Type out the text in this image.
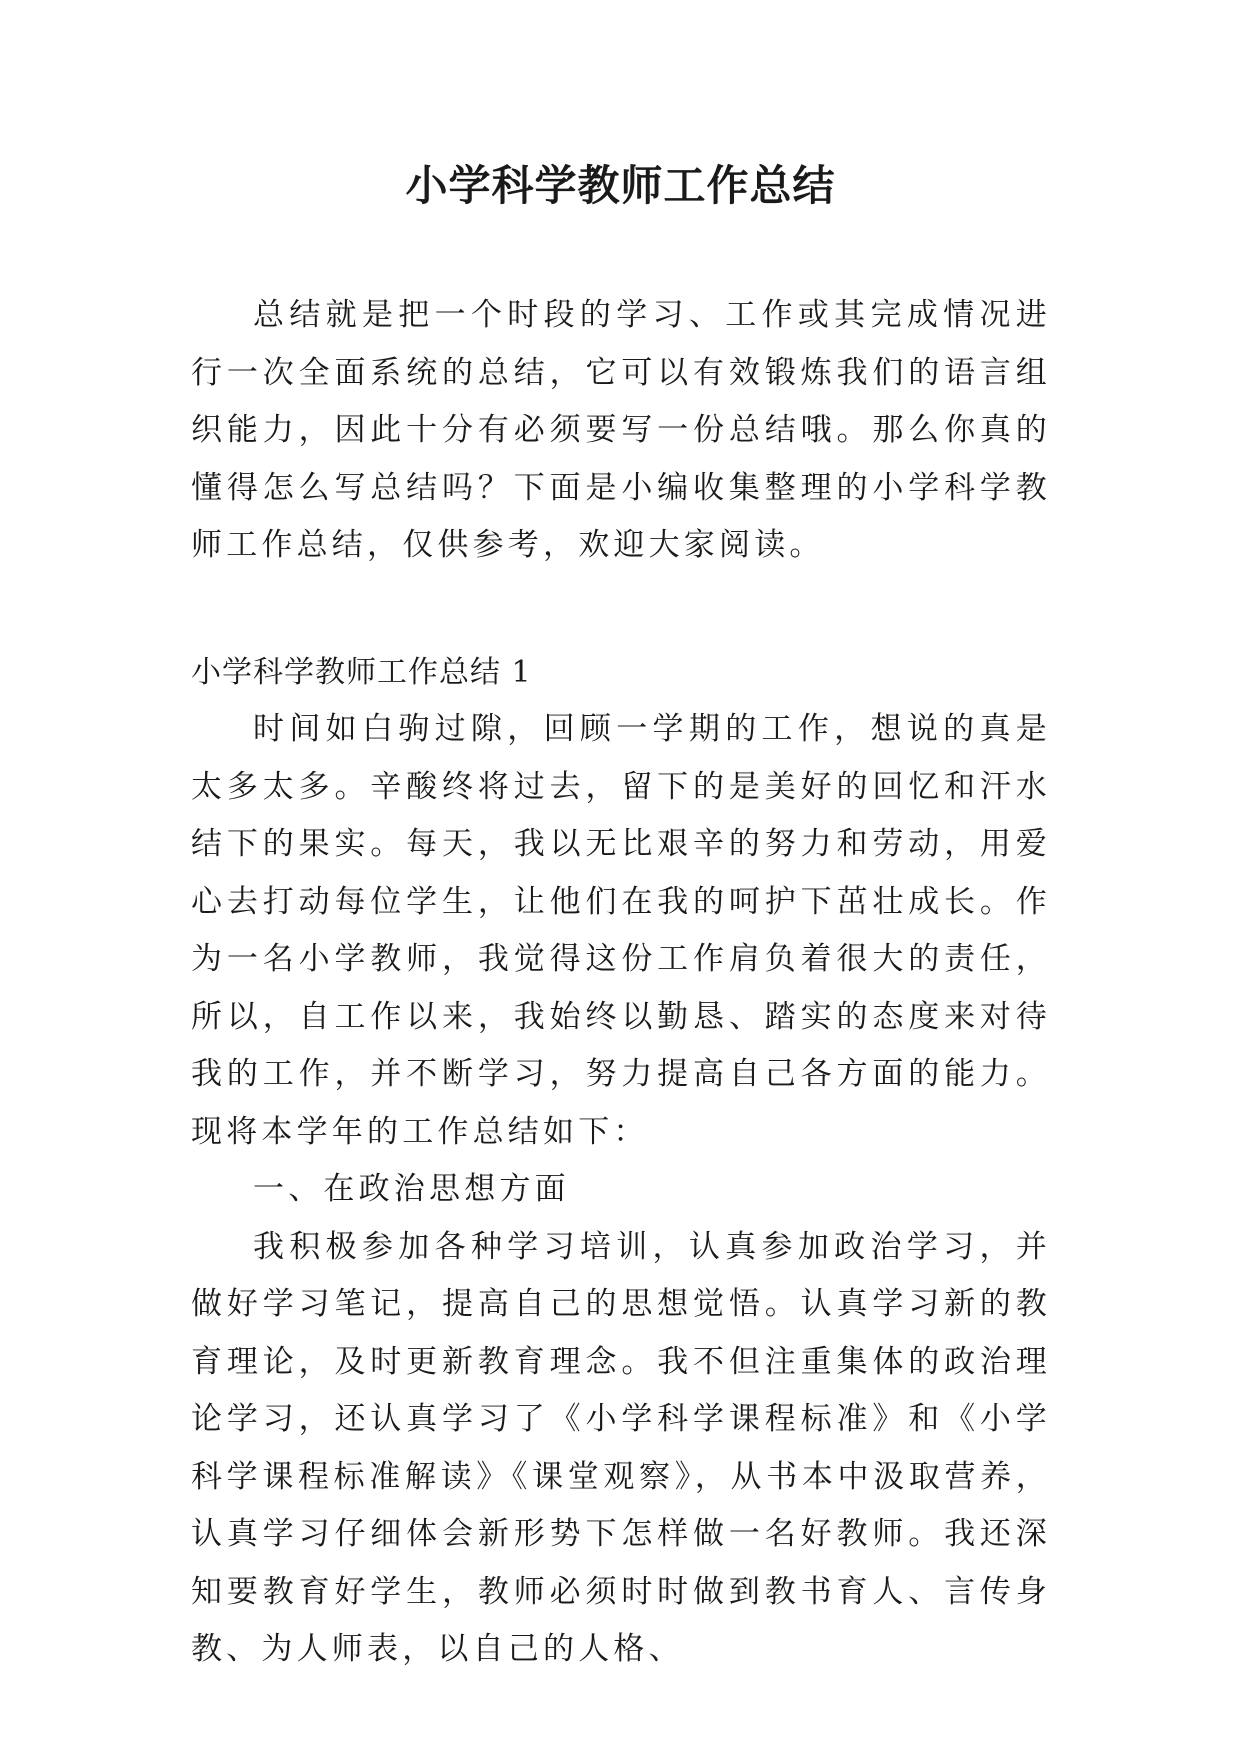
小学科学教师工作总结

总结就是把一个时段的学习、工作或其完成情况进行一次全面系统的总结，它可以有效锻炼我们的语言组织能力，因此十分有必须要写一份总结哦。那么你真的懂得怎么写总结吗？下面是小编收集整理的小学科学教师工作总结，仅供参考，欢迎大家阅读。

小学科学教师工作总结 1

时间如白驹过隙，回顾一学期的工作，想说的真是太多太多。辛酸终将过去，留下的是美好的回忆和汗水结下的果实。每天，我以无比艰辛的努力和劳动，用爱心去打动每位学生，让他们在我的呵护下茁壮成长。作为一名小学教师，我觉得这份工作肩负着很大的责任，所以，自工作以来，我始终以勤恳、踏实的态度来对待我的工作，并不断学习，努力提高自己各方面的能力。现将本学年的工作总结如下：

一、在政治思想方面

我积极参加各种学习培训，认真参加政治学习，并做好学习笔记，提高自己的思想觉悟。认真学习新的教育理论，及时更新教育理念。我不但注重集体的政治理论学习，还认真学习了《小学科学课程标准》和《小学科学课程标准解读》《课堂观察》，从书本中汲取营养，认真学习仔细体会新形势下怎样做一名好教师。我还深知要教育好学生，教师必须时时做到教书育人、言传身教、为人师表，以自己的人格、
